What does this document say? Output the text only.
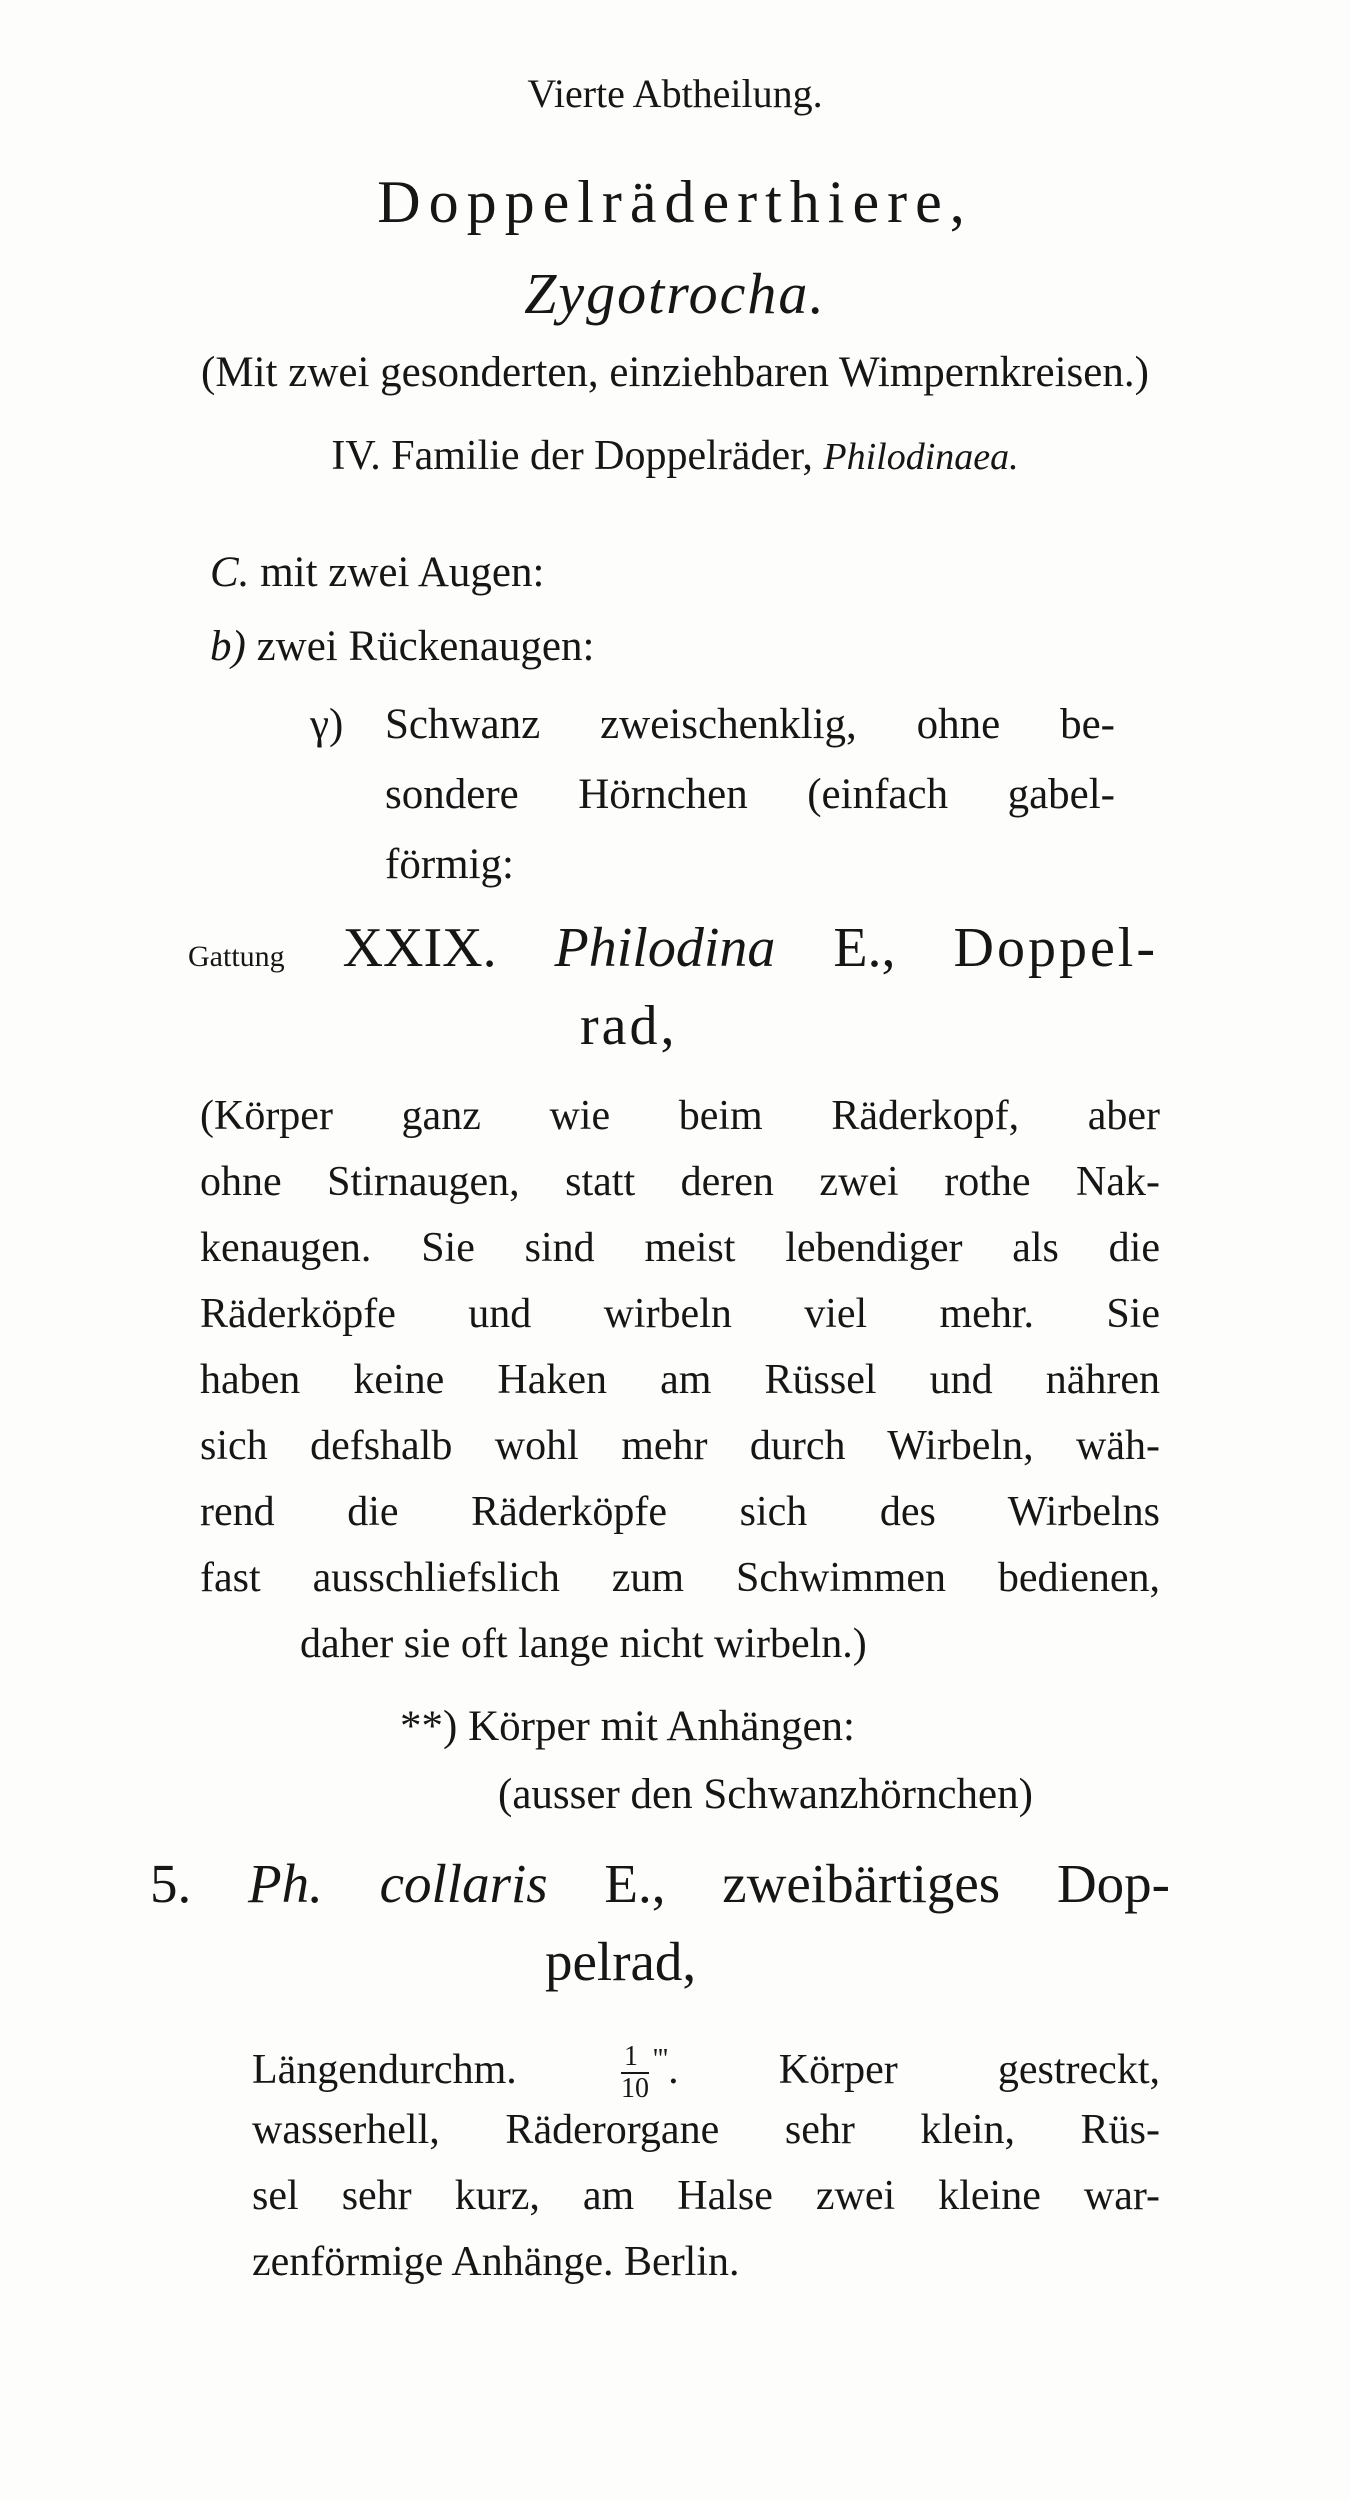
Vierte Abtheilung.
Doppelräderthiere,
Zygotrocha.
(Mit zwei gesonderten, einziehbaren Wimpernkreisen.)
IV. Familie der Doppelräder, Philodinaea.
C. mit zwei Augen:
b) zwei Rückenaugen:
γ) Schwanz zweischenklig, ohne be-
sondere Hörnchen (einfach gabel-
förmig:
Gattung XXIX. Philodina E., Doppel-
rad,
(Körper ganz wie beim Räderkopf, aber
ohne Stirnaugen, statt deren zwei rothe Nak-
kenaugen. Sie sind meist lebendiger als die
Räderköpfe und wirbeln viel mehr. Sie
haben keine Haken am Rüssel und nähren
sich defshalb wohl mehr durch Wirbeln, wäh-
rend die Räderköpfe sich des Wirbelns
fast ausschliefslich zum Schwimmen bedienen,
daher sie oft lange nicht wirbeln.)
**) Körper mit Anhängen:
(ausser den Schwanzhörnchen)
5. Ph. collaris E., zweibärtiges Dop-
pelrad,
Längendurchm.	$\frac{1}{10} '''$. Körper gestreckt,
wasserhell, Räderorgane sehr klein, Rüs-
sel sehr kurz, am Halse zwei kleine war-
zenförmige Anhänge. Berlin.
